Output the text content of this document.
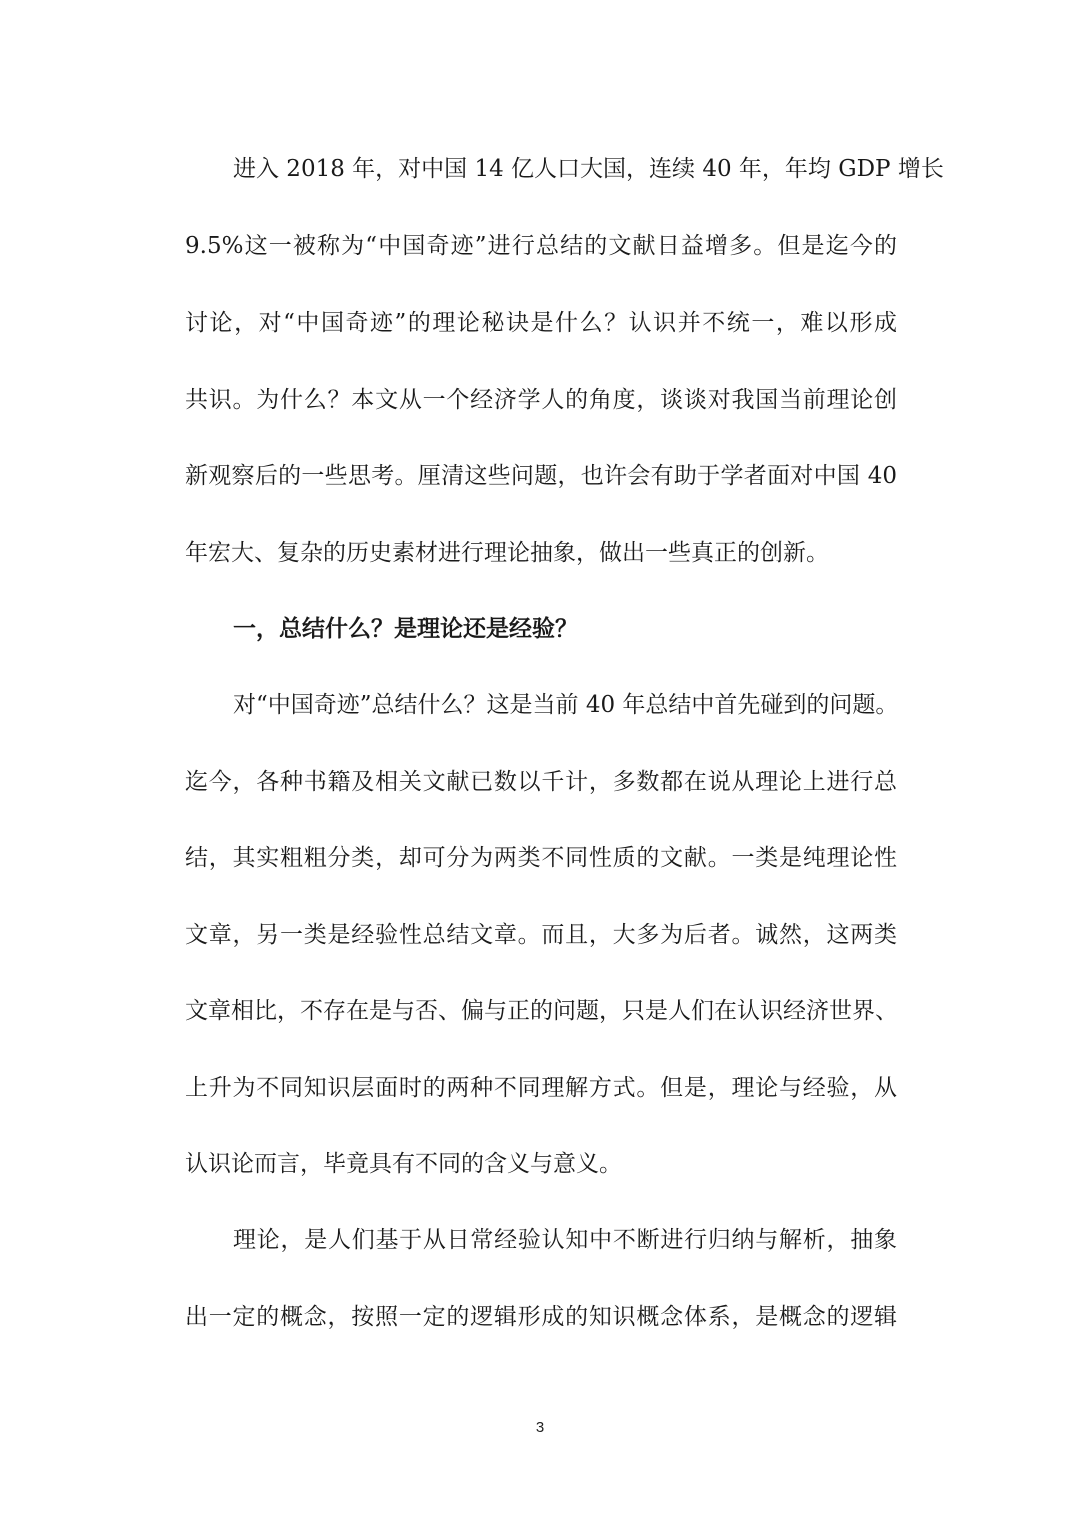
进入 2018 年，对中国 14 亿人口大国，连续 40 年，年均 GDP 增长
9.5%这一被称为“中国奇迹”进行总结的文献日益增多。但是迄今的
讨论，对“中国奇迹”的理论秘诀是什么？认识并不统一，难以形成
共识。为什么？本文从一个经济学人的角度，谈谈对我国当前理论创
新观察后的一些思考。厘清这些问题，也许会有助于学者面对中国 40
年宏大、复杂的历史素材进行理论抽象，做出一些真正的创新。
一，总结什么？是理论还是经验？
对“中国奇迹”总结什么？这是当前 40 年总结中首先碰到的问题。
迄今，各种书籍及相关文献已数以千计，多数都在说从理论上进行总
结，其实粗粗分类，却可分为两类不同性质的文献。一类是纯理论性
文章，另一类是经验性总结文章。而且，大多为后者。诚然，这两类
文章相比，不存在是与否、偏与正的问题，只是人们在认识经济世界、
上升为不同知识层面时的两种不同理解方式。但是，理论与经验，从
认识论而言，毕竟具有不同的含义与意义。
理论，是人们基于从日常经验认知中不断进行归纳与解析，抽象
出一定的概念，按照一定的逻辑形成的知识概念体系，是概念的逻辑
3
